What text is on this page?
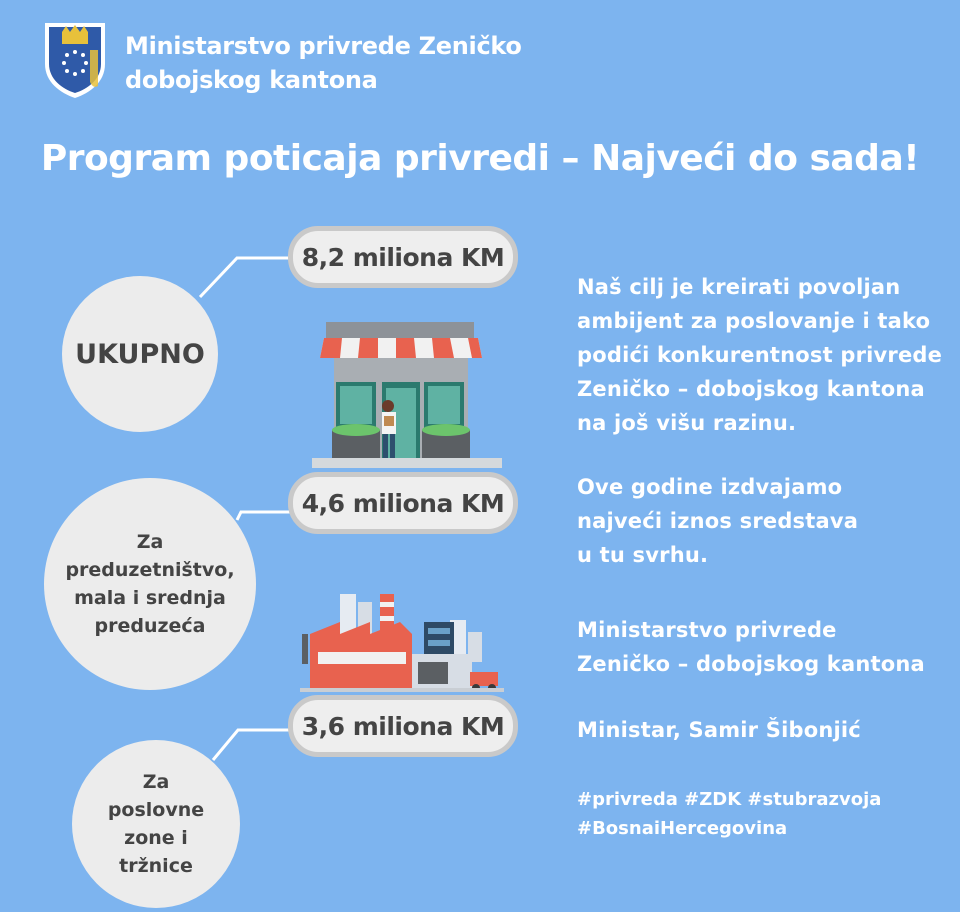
Ministarstvo privrede Zeničko dobojskog kantona
Program poticaja privredi – Najveći do sada!
UKUPNO
Za preduzetništvo, mala i srednja preduzeća
Za poslovne zone i tržnice
8,2 miliona KM
4,6 miliona KM
3,6 miliona KM
Naš cilj je kreirati povoljan
ambijent za poslovanje i tako
podići konkurentnost privrede
Zeničko – dobojskog kantona
na još višu razinu.
Ove godine izdvajamo
najveći iznos sredstava
u tu svrhu.
Ministarstvo privrede
Zeničko – dobojskog kantona
Ministar, Samir Šibonjić
#privreda #ZDK #stubrazvoja
#BosnaiHercegovina
